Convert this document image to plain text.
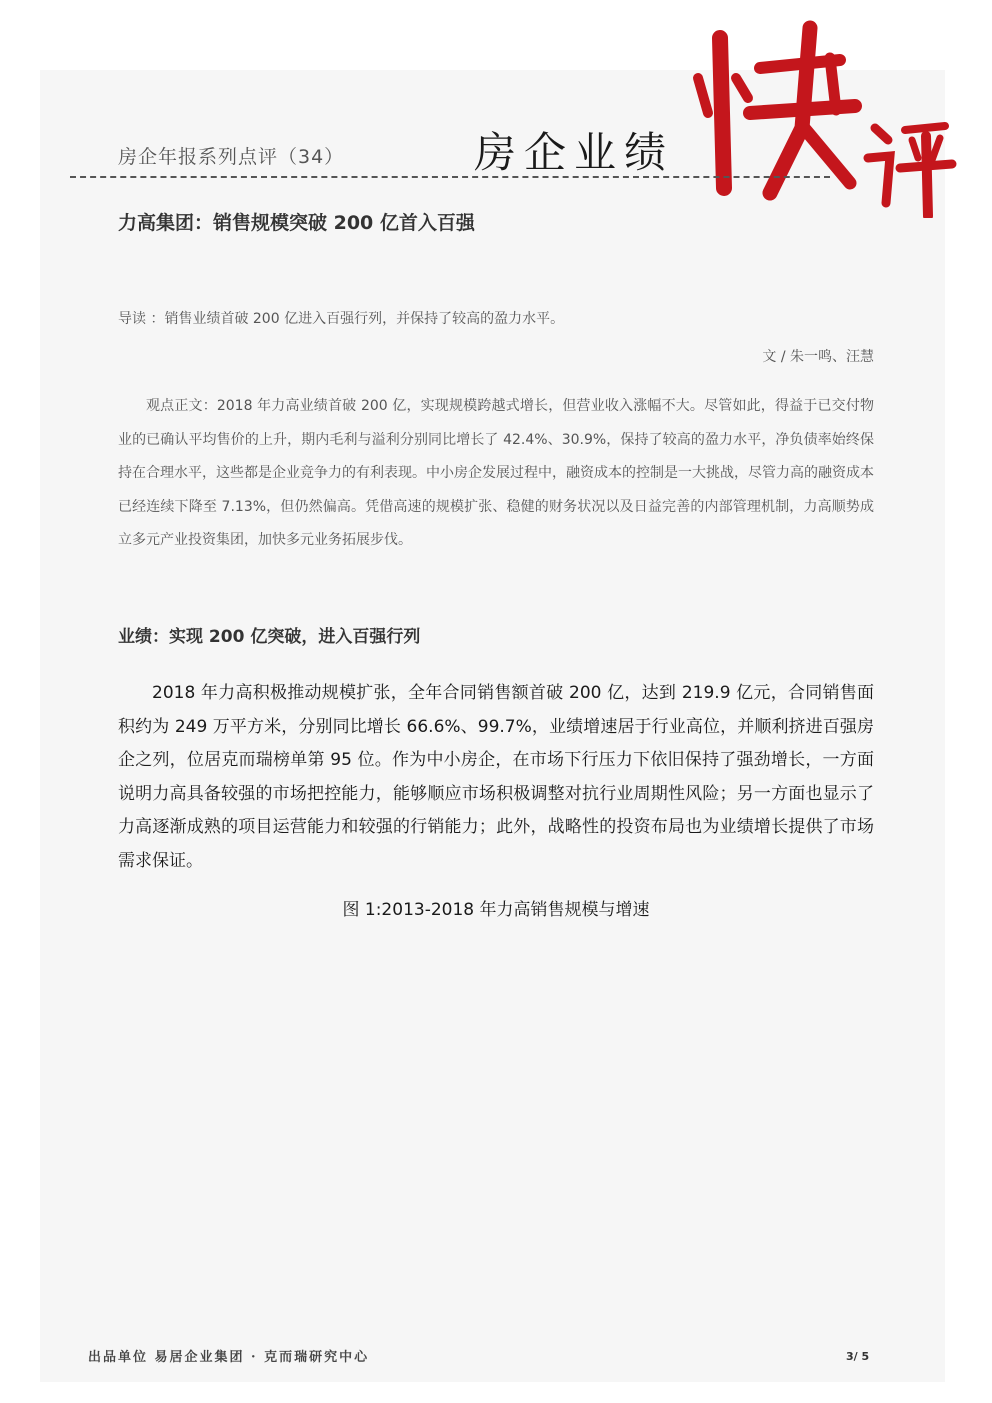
房企年报系列点评（34）	房企业绩
快评
力高集团：销售规模突破 200 亿首入百强
导读 ：销售业绩首破 200 亿进入百强行列，并保持了较高的盈力水平。
文 / 朱一鸣、汪慧
观点正文：2018 年力高业绩首破 200 亿，实现规模跨越式增长，但营业收入涨幅不大。尽管如此，得益于已交付物业的已确认平均售价的上升，期内毛利与溢利分别同比增长了 42.4%、30.9%，保持了较高的盈力水平，净负债率始终保持在合理水平，这些都是企业竞争力的有利表现。中小房企发展过程中，融资成本的控制是一大挑战，尽管力高的融资成本已经连续下降至 7.13%，但仍然偏高。凭借高速的规模扩张、稳健的财务状况以及日益完善的内部管理机制，力高顺势成立多元产业投资集团，加快多元业务拓展步伐。
业绩：实现 200 亿突破，进入百强行列
2018 年力高积极推动规模扩张，全年合同销售额首破 200 亿，达到 219.9 亿元，合同销售面积约为 249 万平方米，分别同比增长 66.6%、99.7%，业绩增速居于行业高位，并顺利挤进百强房企之列，位居克而瑞榜单第 95 位。作为中小房企，在市场下行压力下依旧保持了强劲增长，一方面说明力高具备较强的市场把控能力，能够顺应市场积极调整对抗行业周期性风险；另一方面也显示了力高逐渐成熟的项目运营能力和较强的行销能力；此外，战略性的投资布局也为业绩增长提供了市场需求保证。
图 1:2013-2018 年力高销售规模与增速
出品单位 易居企业集团 · 克而瑞研究中心	3/ 5
